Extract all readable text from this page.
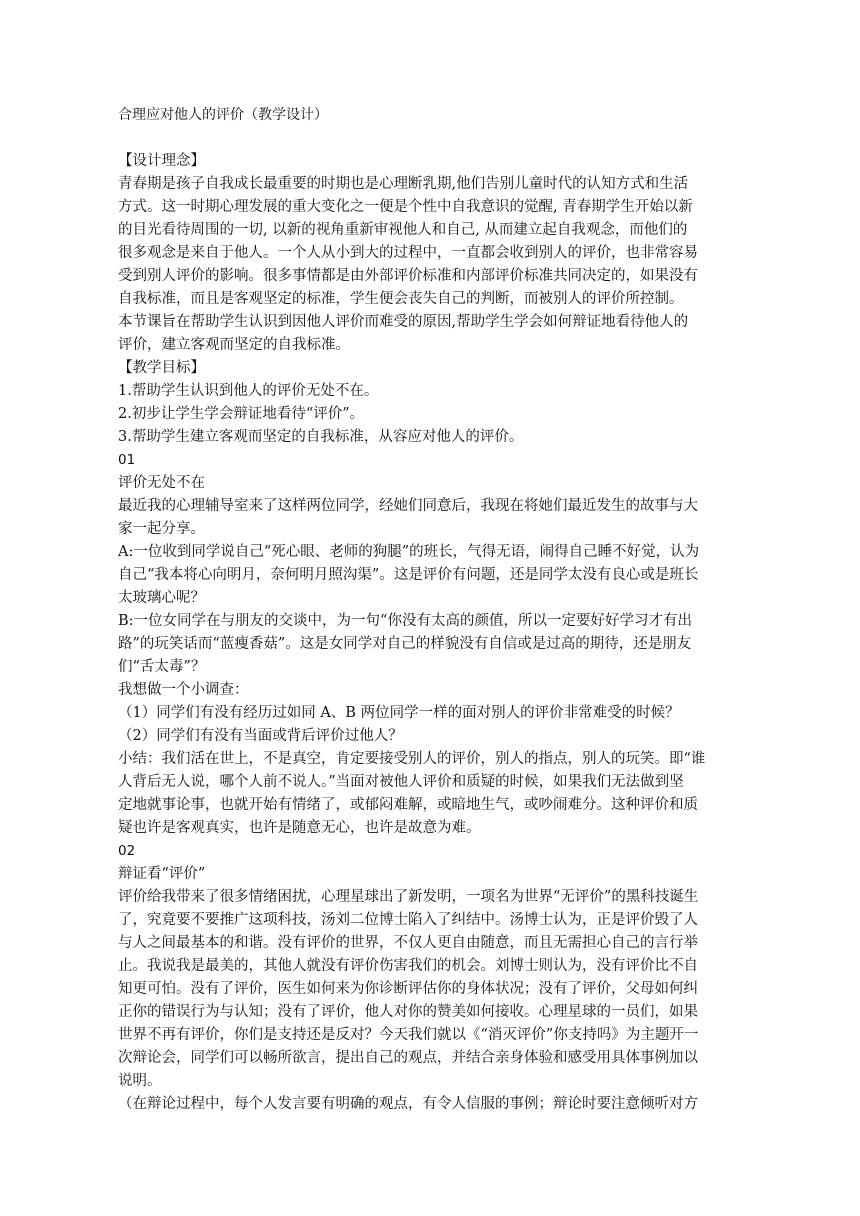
合理应对他人的评价（教学设计）
【设计理念】
青春期是孩子自我成长最重要的时期也是心理断乳期,他们告别儿童时代的认知方式和生活
方式。这一时期心理发展的重大变化之一便是个性中自我意识的觉醒, 青春期学生开始以新
的目光看待周围的一切, 以新的视角重新审视他人和自己, 从而建立起自我观念，而他们的
很多观念是来自于他人。一个人从小到大的过程中，一直都会收到别人的评价，也非常容易
受到别人评价的影响。很多事情都是由外部评价标准和内部评价标准共同决定的，如果没有
自我标准，而且是客观坚定的标准，学生便会丧失自己的判断，而被别人的评价所控制。
本节课旨在帮助学生认识到因他人评价而难受的原因,帮助学生学会如何辩证地看待他人的
评价，建立客观而坚定的自我标准。
【教学目标】
1.帮助学生认识到他人的评价无处不在。
2.初步让学生学会辩证地看待“评价”。
3.帮助学生建立客观而坚定的自我标准，从容应对他人的评价。
01
评价无处不在
最近我的心理辅导室来了这样两位同学，经她们同意后，我现在将她们最近发生的故事与大
家一起分享。
A:一位收到同学说自己“死心眼、老师的狗腿”的班长，气得无语，闹得自己睡不好觉，认为
自己“我本将心向明月，奈何明月照沟渠”。这是评价有问题，还是同学太没有良心或是班长
太玻璃心呢？
B:一位女同学在与朋友的交谈中，为一句“你没有太高的颜值，所以一定要好好学习才有出
路”的玩笑话而“蓝瘦香菇”。这是女同学对自己的样貌没有自信或是过高的期待，还是朋友
们“舌太毒”？
我想做一个小调查：
（1）同学们有没有经历过如同 A、B 两位同学一样的面对别人的评价非常难受的时候？
（2）同学们有没有当面或背后评价过他人？
小结：我们活在世上，不是真空，肯定要接受别人的评价，别人的指点，别人的玩笑。即“谁
人背后无人说，哪个人前不说人。”当面对被他人评价和质疑的时候，如果我们无法做到坚
定地就事论事，也就开始有情绪了，或郁闷难解，或暗地生气，或吵闹难分。这种评价和质
疑也许是客观真实，也许是随意无心，也许是故意为难。
02
辩证看“评价”
评价给我带来了很多情绪困扰，心理星球出了新发明，一项名为世界“无评价”的黑科技诞生
了，究竟要不要推广这项科技，汤刘二位博士陷入了纠结中。汤博士认为，正是评价毁了人
与人之间最基本的和谐。没有评价的世界，不仅人更自由随意，而且无需担心自己的言行举
止。我说我是最美的，其他人就没有评价伤害我们的机会。刘博士则认为，没有评价比不自
知更可怕。没有了评价，医生如何来为你诊断评估你的身体状况；没有了评价，父母如何纠
正你的错误行为与认知；没有了评价，他人对你的赞美如何接收。心理星球的一员们，如果
世界不再有评价，你们是支持还是反对？今天我们就以《“消灭评价”你支持吗》为主题开一
次辩论会，同学们可以畅所欲言，提出自己的观点，并结合亲身体验和感受用具体事例加以
说明。
（在辩论过程中，每个人发言要有明确的观点，有令人信服的事例；辩论时要注意倾听对方
